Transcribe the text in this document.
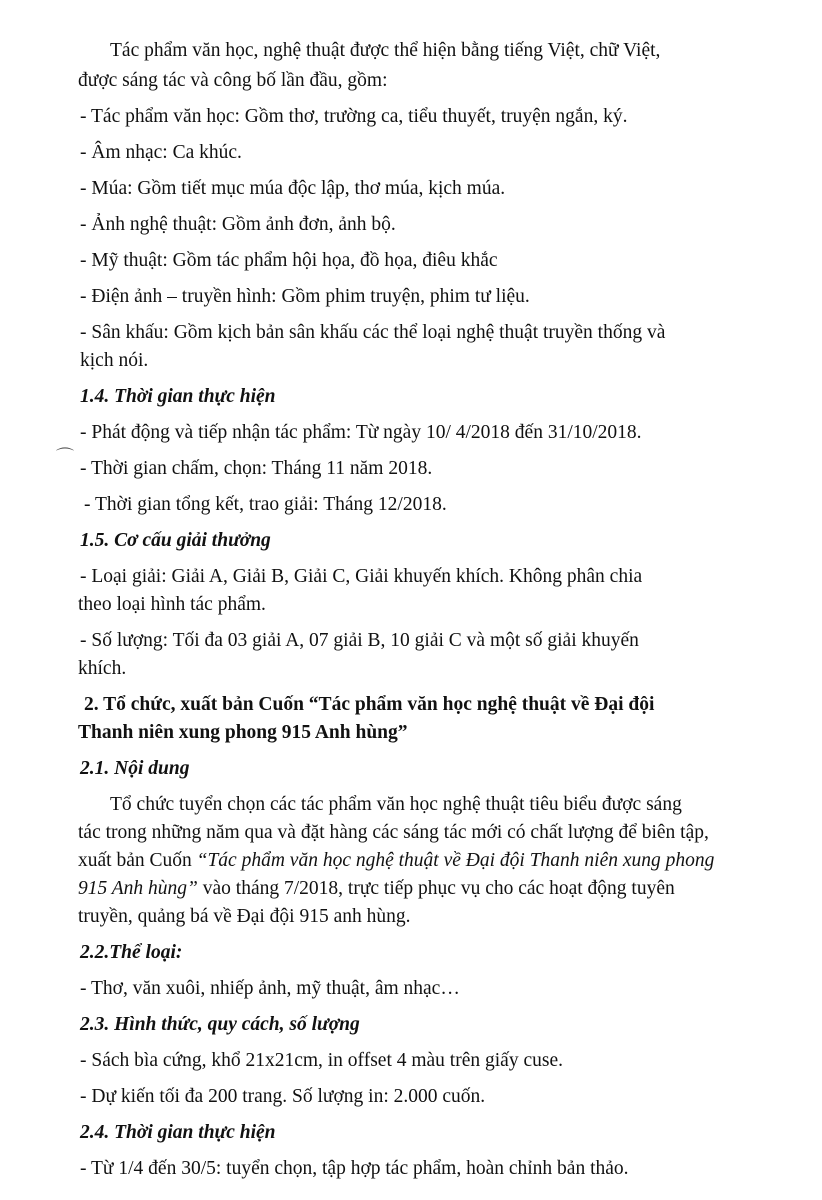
Tác phẩm văn học, nghệ thuật được thể hiện bằng tiếng Việt, chữ Việt,
được sáng tác và công bố lần đầu, gồm:
- Tác phẩm văn học: Gồm thơ, trường ca, tiểu thuyết, truyện ngắn, ký.
- Âm nhạc: Ca khúc.
- Múa: Gồm tiết mục múa độc lập, thơ múa, kịch múa.
- Ảnh nghệ thuật: Gồm ảnh đơn, ảnh bộ.
- Mỹ thuật: Gồm tác phẩm hội họa, đồ họa, điêu khắc
- Điện ảnh – truyền hình: Gồm phim truyện, phim tư liệu.
- Sân khấu: Gồm kịch bản sân khấu các thể loại nghệ thuật truyền thống và
kịch nói.
1.4. Thời gian thực hiện
- Phát động và tiếp nhận tác phẩm: Từ ngày 10/ 4/2018 đến 31/10/2018.
⌒
- Thời gian chấm, chọn: Tháng 11 năm 2018.
- Thời gian tổng kết, trao giải: Tháng 12/2018.
1.5. Cơ cấu giải thưởng
- Loại giải: Giải A, Giải B, Giải C, Giải khuyến khích. Không phân chia
theo loại hình tác phẩm.
- Số lượng: Tối đa 03 giải A, 07 giải B, 10 giải C và một số giải khuyến
khích.
2. Tổ chức, xuất bản Cuốn “Tác phẩm văn học nghệ thuật về Đại đội
Thanh niên xung phong 915 Anh hùng”
2.1. Nội dung
Tổ chức tuyển chọn các tác phẩm văn học nghệ thuật tiêu biểu được sáng
tác trong những năm qua và đặt hàng các sáng tác mới có chất lượng để biên tập,
xuất bản Cuốn “Tác phẩm văn học nghệ thuật về Đại đội Thanh niên xung phong
915 Anh hùng” vào tháng 7/2018, trực tiếp phục vụ cho các hoạt động tuyên
truyền, quảng bá về Đại đội 915 anh hùng.
2.2.Thể loại:
- Thơ, văn xuôi, nhiếp ảnh, mỹ thuật, âm nhạc…
2.3. Hình thức, quy cách, số lượng
- Sách bìa cứng, khổ 21x21cm, in offset 4 màu trên giấy cuse.
- Dự kiến tối đa 200 trang. Số lượng in: 2.000 cuốn.
2.4. Thời gian thực hiện
- Từ 1/4 đến 30/5: tuyển chọn, tập hợp tác phẩm, hoàn chỉnh bản thảo.
